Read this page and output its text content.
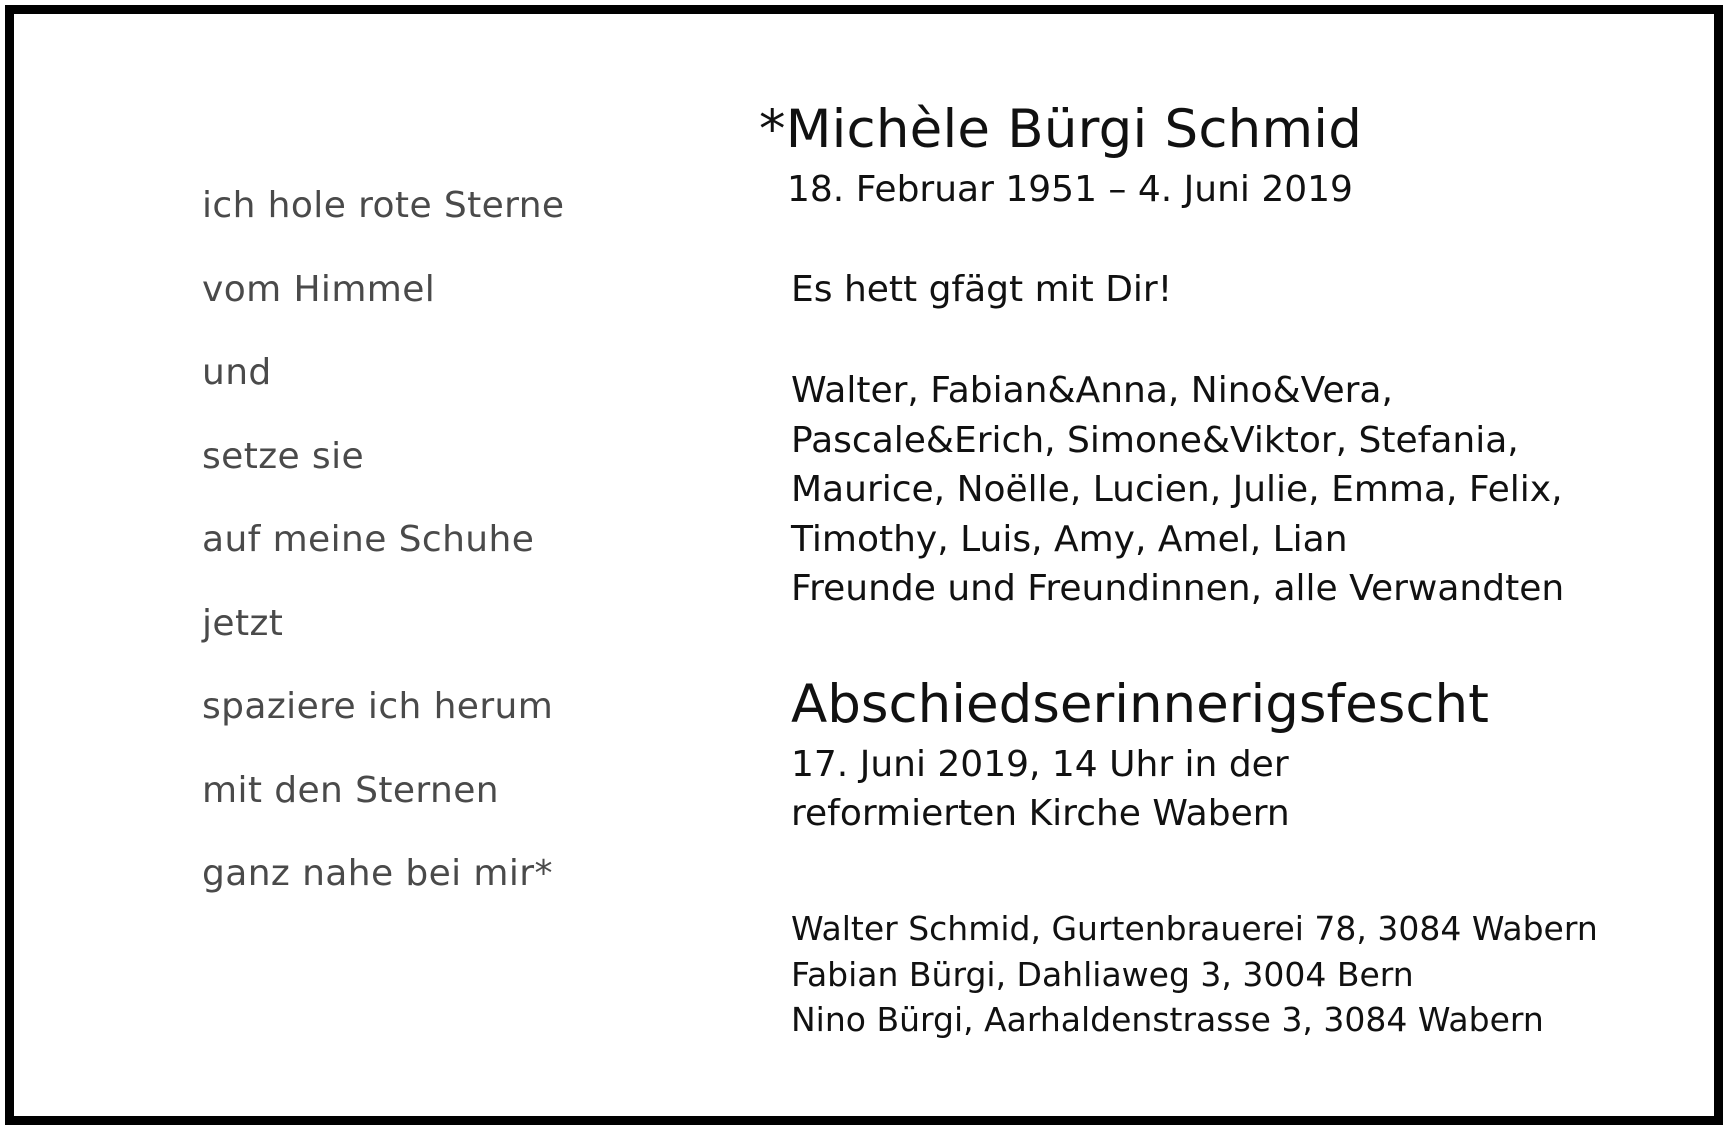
ich hole rote Sterne
vom Himmel
und
setze sie
auf meine Schuhe
jetzt
spaziere ich herum
mit den Sternen
ganz nahe bei mir*
*Michèle Bürgi Schmid
18. Februar 1951 – 4. Juni 2019
Es hett gfägt mit Dir!
Walter, Fabian&Anna, Nino&Vera,
Pascale&Erich, Simone&Viktor, Stefania,
Maurice, Noëlle, Lucien, Julie, Emma, Felix,
Timothy, Luis, Amy, Amel, Lian
Freunde und Freundinnen, alle Verwandten
Abschiedserinnerigsfescht
17. Juni 2019, 14 Uhr in der
reformierten Kirche Wabern
Walter Schmid, Gurtenbrauerei 78, 3084 Wabern
Fabian Bürgi, Dahliaweg 3, 3004 Bern
Nino Bürgi, Aarhaldenstrasse 3, 3084 Wabern
